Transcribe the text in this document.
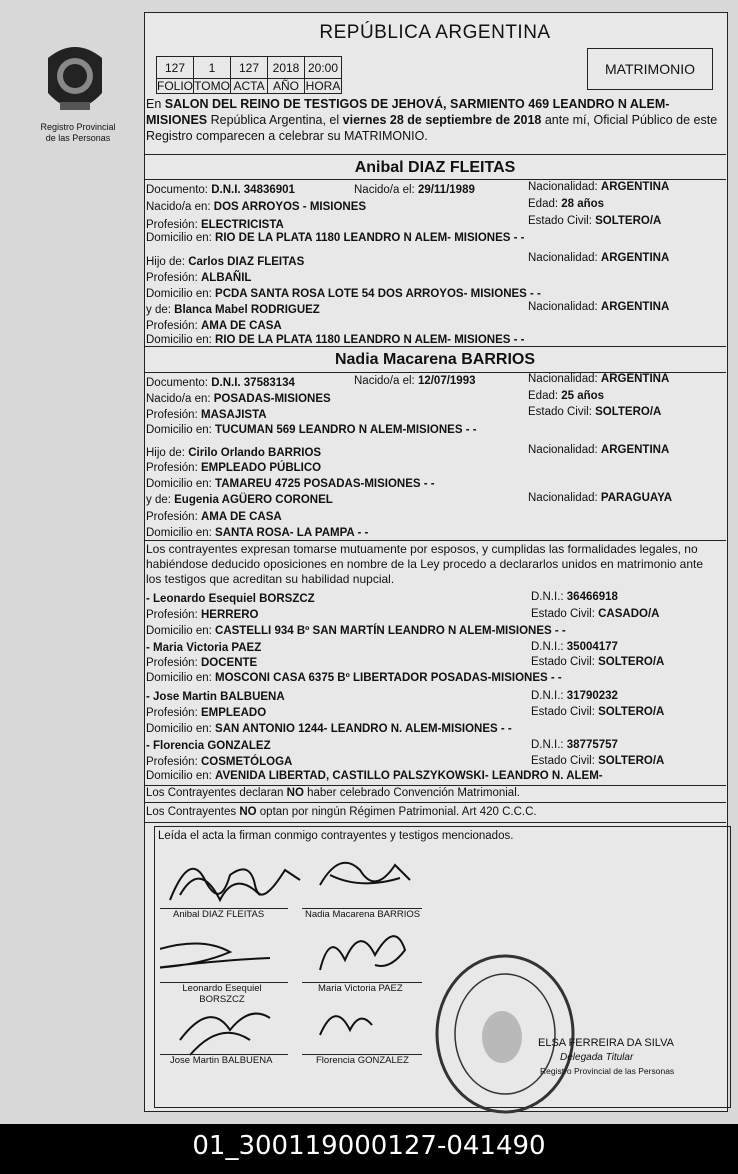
Registro Provincial
de las Personas
REPÚBLICA ARGENTINA
127	1	127	2018	20:00
FOLIO	TOMO	ACTA	AÑO	HORA
MATRIMONIO
En SALON DEL REINO DE TESTIGOS DE JEHOVÁ, SARMIENTO 469 LEANDRO N ALEM-MISIONES República Argentina, el viernes 28 de septiembre de 2018 ante mí, Oficial Público de este Registro comparecen a celebrar su MATRIMONIO.
Anibal DIAZ FLEITAS
Documento: D.N.I. 34836901	Nacido/a el: 29/11/1989	Nacionalidad: ARGENTINA
Nacido/a en: DOS ARROYOS - MISIONES	Edad: 28 años
Profesión: ELECTRICISTA	Estado Civil: SOLTERO/A
Domicilio en: RIO DE LA PLATA 1180 LEANDRO N ALEM- MISIONES - -
Hijo de: Carlos DIAZ FLEITAS	Nacionalidad: ARGENTINA
Profesión: ALBAÑIL
Domicilio en: PCDA SANTA ROSA LOTE 54 DOS ARROYOS- MISIONES - -
y de: Blanca Mabel RODRIGUEZ	Nacionalidad: ARGENTINA
Profesión: AMA DE CASA
Domicilio en: RIO DE LA PLATA 1180 LEANDRO N ALEM- MISIONES - -
Nadia Macarena BARRIOS
Documento: D.N.I. 37583134	Nacido/a el: 12/07/1993	Nacionalidad: ARGENTINA
Nacido/a en: POSADAS-MISIONES	Edad: 25 años
Profesión: MASAJISTA	Estado Civil: SOLTERO/A
Domicilio en: TUCUMAN 569 LEANDRO N ALEM-MISIONES - -
Hijo de: Cirilo Orlando BARRIOS	Nacionalidad: ARGENTINA
Profesión: EMPLEADO PÚBLICO
Domicilio en: TAMAREU 4725 POSADAS-MISIONES - -
y de: Eugenia AGÜERO CORONEL	Nacionalidad: PARAGUAYA
Profesión: AMA DE CASA
Domicilio en: SANTA ROSA- LA PAMPA - -
Los contrayentes expresan tomarse mutuamente por esposos, y cumplidas las formalidades legales, no
habiéndose deducido oposiciones en nombre de la Ley procedo a declararlos unidos en matrimonio ante
los testigos que acreditan su habilidad nupcial.
- Leonardo Esequiel BORSZCZ	D.N.I.: 36466918
Profesión: HERRERO	Estado Civil: CASADO/A
Domicilio en: CASTELLI 934 Bº SAN MARTÍN LEANDRO N ALEM-MISIONES - -
- Maria Victoria PAEZ	D.N.I.: 35004177
Profesión: DOCENTE	Estado Civil: SOLTERO/A
Domicilio en: MOSCONI CASA 6375 Bº LIBERTADOR POSADAS-MISIONES - -
- Jose Martin BALBUENA	D.N.I.: 31790232
Profesión: EMPLEADO	Estado Civil: SOLTERO/A
Domicilio en: SAN ANTONIO 1244- LEANDRO N. ALEM-MISIONES - -
- Florencia GONZALEZ	D.N.I.: 38775757
Profesión: COSMETÓLOGA	Estado Civil: SOLTERO/A
Domicilio en: AVENIDA LIBERTAD, CASTILLO PALSZYKOWSKI- LEANDRO N. ALEM-
Los Contrayentes declaran NO haber celebrado Convención Matrimonial.
Los Contrayentes NO optan por ningún Régimen Patrimonial. Art 420 C.C.C.
Leída el acta la firman conmigo contrayentes y testigos mencionados.
Anibal DIAZ FLEITAS	Nadia Macarena BARRIOS
Leonardo Esequiel
BORSZCZ
Maria Victoria PAEZ
Jose Martin BALBUENA	Florencia GONZALEZ
ELSA FERREIRA DA SILVA
Delegada Titular
Registro Provincial de las Personas
01_300119000127-041490
